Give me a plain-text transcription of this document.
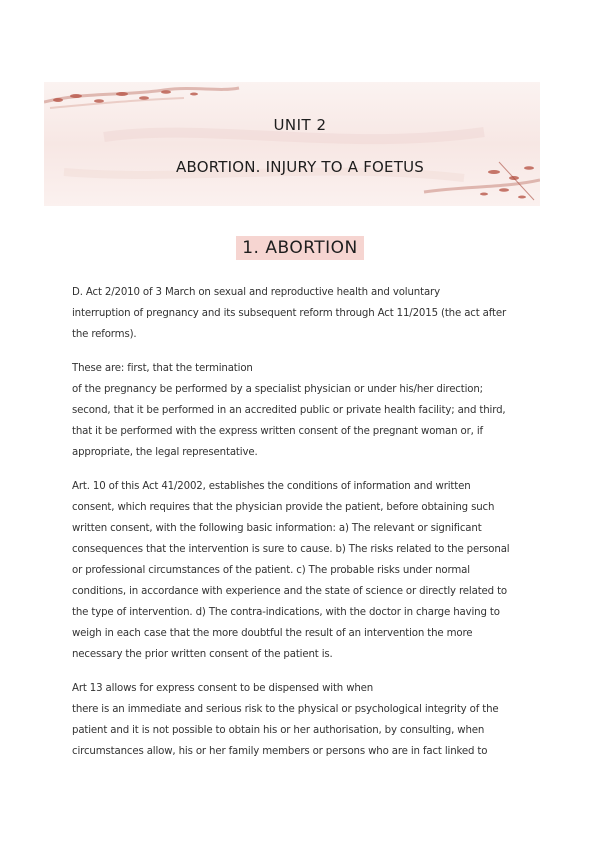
UNIT 2
ABORTION. INJURY TO A FOETUS
1. ABORTION
D. Act 2/2010 of 3 March on sexual and reproductive health and voluntary
interruption of pregnancy and its subsequent reform through Act 11/2015 (the act after
the reforms).
These are: first, that the termination
of the pregnancy be performed by a specialist physician or under his/her direction;
second, that it be performed in an accredited public or private health facility; and third,
that it be performed with the express written consent of the pregnant woman or, if
appropriate, the legal representative.
Art. 10 of this Act 41/2002, establishes the conditions of information and written
consent, which requires that the physician provide the patient, before obtaining such
written consent, with the following basic information: a) The relevant or significant
consequences that the intervention is sure to cause. b) The risks related to the personal
or professional circumstances of the patient. c) The probable risks under normal
conditions, in accordance with experience and the state of science or directly related to
the type of intervention. d) The contra-indications, with the doctor in charge having to
weigh in each case that the more doubtful the result of an intervention the more
necessary the prior written consent of the patient is.
Art 13 allows for express consent to be dispensed with when
there is an immediate and serious risk to the physical or psychological integrity of the
patient and it is not possible to obtain his or her authorisation, by consulting, when
circumstances allow, his or her family members or persons who are in fact linked to
